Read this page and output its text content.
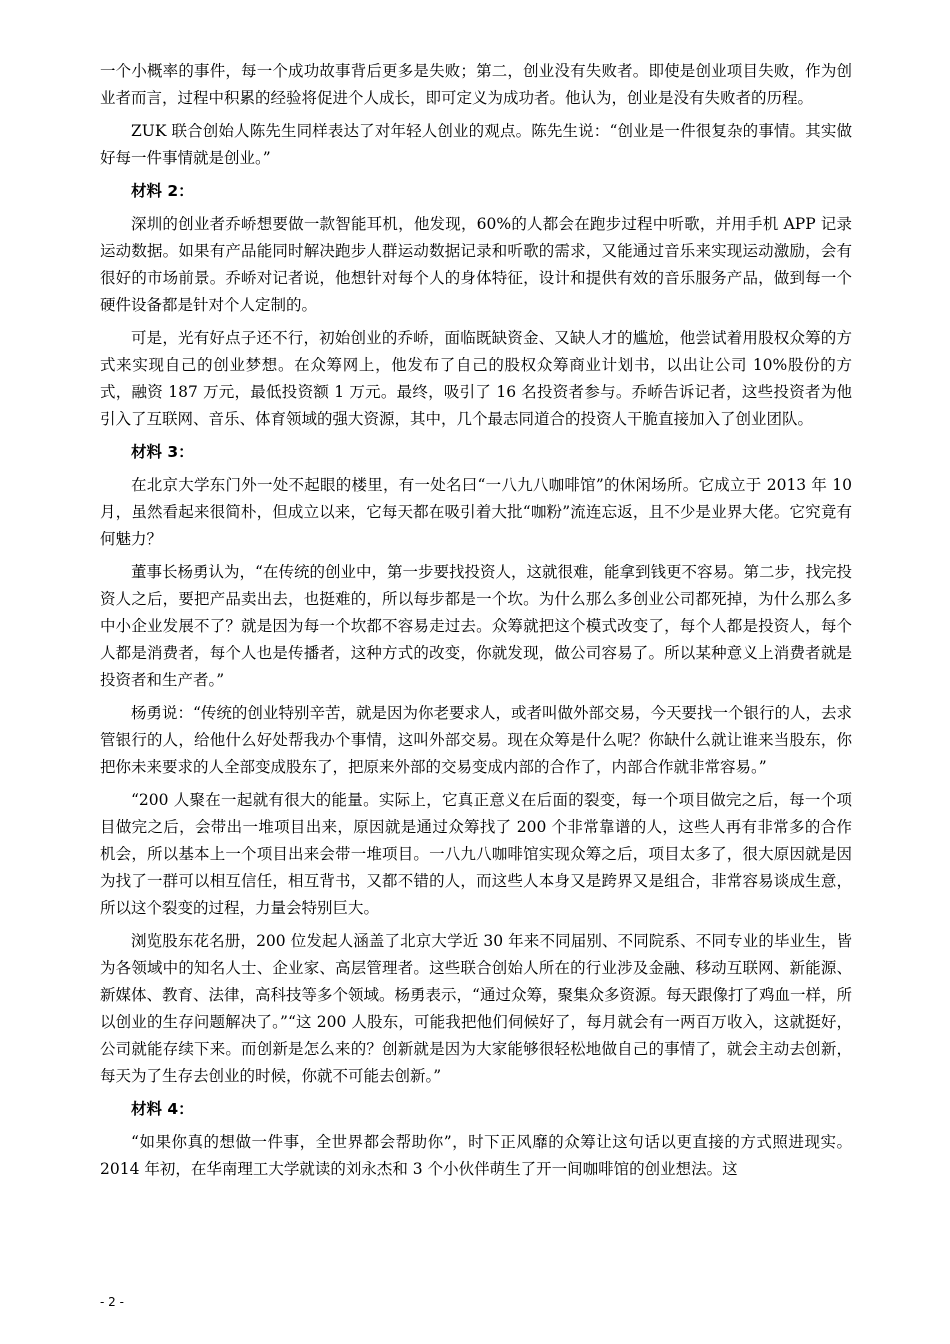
一个小概率的事件，每一个成功故事背后更多是失败；第二，创业没有失败者。即使是创业项目失败，作为创业者而言，过程中积累的经验将促进个人成长，即可定义为成功者。他认为，创业是没有失败者的历程。

ZUK 联合创始人陈先生同样表达了对年轻人创业的观点。陈先生说：“创业是一件很复杂的事情。其实做好每一件事情就是创业。”

材料 2：

深圳的创业者乔峤想要做一款智能耳机，他发现，60%的人都会在跑步过程中听歌，并用手机 APP 记录运动数据。如果有产品能同时解决跑步人群运动数据记录和听歌的需求，又能通过音乐来实现运动激励，会有很好的市场前景。乔峤对记者说，他想针对每个人的身体特征，设计和提供有效的音乐服务产品，做到每一个硬件设备都是针对个人定制的。

可是，光有好点子还不行，初始创业的乔峤，面临既缺资金、又缺人才的尴尬，他尝试着用股权众筹的方式来实现自己的创业梦想。在众筹网上，他发布了自己的股权众筹商业计划书，以出让公司 10%股份的方式，融资 187 万元，最低投资额 1 万元。最终，吸引了 16 名投资者参与。乔峤告诉记者，这些投资者为他引入了互联网、音乐、体育领域的强大资源，其中，几个最志同道合的投资人干脆直接加入了创业团队。

材料 3：

在北京大学东门外一处不起眼的楼里，有一处名曰“一八九八咖啡馆”的休闲场所。它成立于 2013 年 10 月，虽然看起来很简朴，但成立以来，它每天都在吸引着大批“咖粉”流连忘返，且不少是业界大佬。它究竟有何魅力？

董事长杨勇认为，“在传统的创业中，第一步要找投资人，这就很难，能拿到钱更不容易。第二步，找完投资人之后，要把产品卖出去，也挺难的，所以每步都是一个坎。为什么那么多创业公司都死掉，为什么那么多中小企业发展不了？就是因为每一个坎都不容易走过去。众筹就把这个模式改变了，每个人都是投资人，每个人都是消费者，每个人也是传播者，这种方式的改变，你就发现，做公司容易了。所以某种意义上消费者就是投资者和生产者。”

杨勇说：“传统的创业特别辛苦，就是因为你老要求人，或者叫做外部交易，今天要找一个银行的人，去求管银行的人，给他什么好处帮我办个事情，这叫外部交易。现在众筹是什么呢？你缺什么就让谁来当股东，你把你未来要求的人全部变成股东了，把原来外部的交易变成内部的合作了，内部合作就非常容易。”

“200 人聚在一起就有很大的能量。实际上，它真正意义在后面的裂变，每一个项目做完之后，每一个项目做完之后，会带出一堆项目出来，原因就是通过众筹找了 200 个非常靠谱的人，这些人再有非常多的合作机会，所以基本上一个项目出来会带一堆项目。一八九八咖啡馆实现众筹之后，项目太多了，很大原因就是因为找了一群可以相互信任，相互背书，又都不错的人，而这些人本身又是跨界又是组合，非常容易谈成生意，所以这个裂变的过程，力量会特别巨大。

浏览股东花名册，200 位发起人涵盖了北京大学近 30 年来不同届别、不同院系、不同专业的毕业生，皆为各领域中的知名人士、企业家、高层管理者。这些联合创始人所在的行业涉及金融、移动互联网、新能源、新媒体、教育、法律，高科技等多个领域。杨勇表示，“通过众筹，聚集众多资源。每天跟像打了鸡血一样，所以创业的生存问题解决了。”“这 200 人股东，可能我把他们伺候好了，每月就会有一两百万收入，这就挺好，公司就能存续下来。而创新是怎么来的？创新就是因为大家能够很轻松地做自己的事情了，就会主动去创新，每天为了生存去创业的时候，你就不可能去创新。”

材料 4：

“如果你真的想做一件事，全世界都会帮助你”，时下正风靡的众筹让这句话以更直接的方式照进现实。2014 年初，在华南理工大学就读的刘永杰和 3 个小伙伴萌生了开一间咖啡馆的创业想法。这

- 2 -
